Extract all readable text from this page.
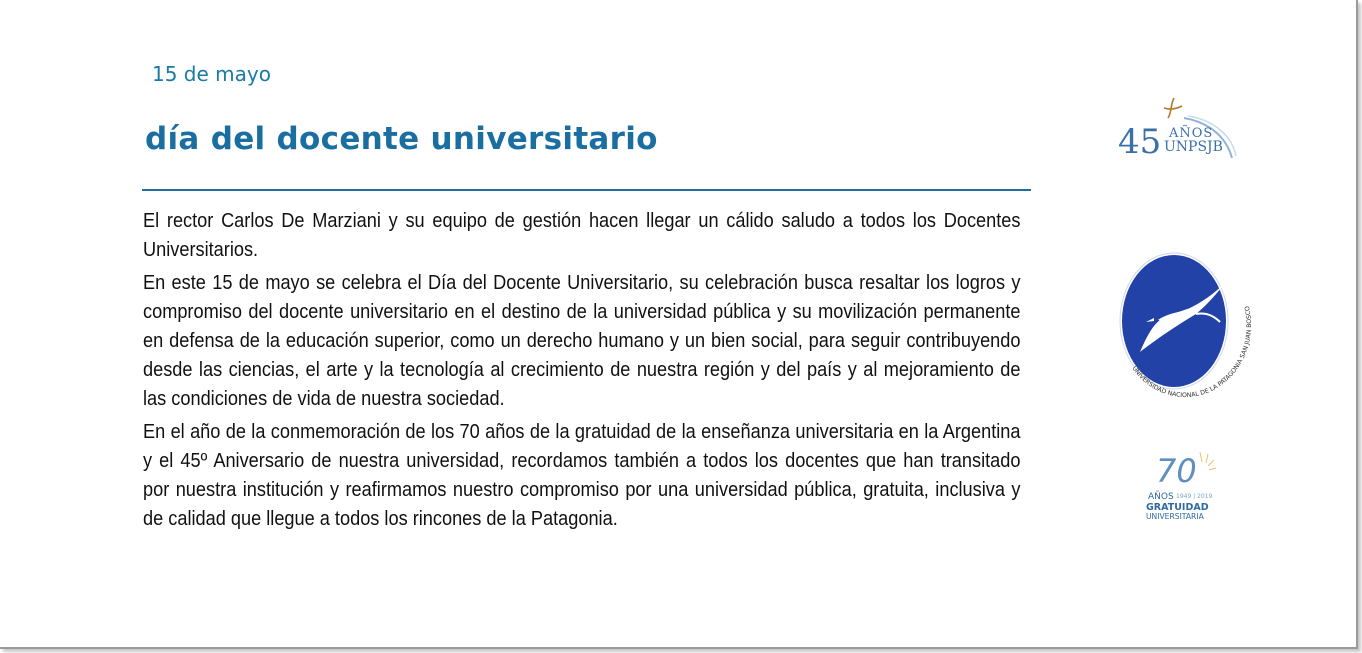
15 de mayo
día del docente universitario

El rector Carlos De Marziani y su equipo de gestión hacen llegar un cálido saludo a todos los Docentes Universitarios.

En este 15 de mayo se celebra el Día del Docente Universitario, su celebración busca resaltar los logros y compromiso del docente universitario en el destino de la universidad pública y su movilización permanente en defensa de la educación superior, como un derecho humano y un bien social, para seguir contribuyendo desde las ciencias, el arte y la tecnología al crecimiento de nuestra región y del país y al mejoramiento de las condiciones de vida de nuestra sociedad.

En el año de la conmemoración de los 70 años de la gratuidad de la enseñanza universitaria en la Argentina y el 45º Aniversario de nuestra universidad, recordamos también a todos los docentes que han transitado por nuestra institución y reafirmamos nuestro compromiso por una universidad pública, gratuita, inclusiva y de calidad que llegue a todos los rincones de la Patagonia.

45 AÑOS
UNPSJB
UNIVERSIDAD NACIONAL DE LA PATAGONIA SAN JUAN BOSCO
70
AÑOS 1949 | 2019
GRATUIDAD
UNIVERSITARIA
